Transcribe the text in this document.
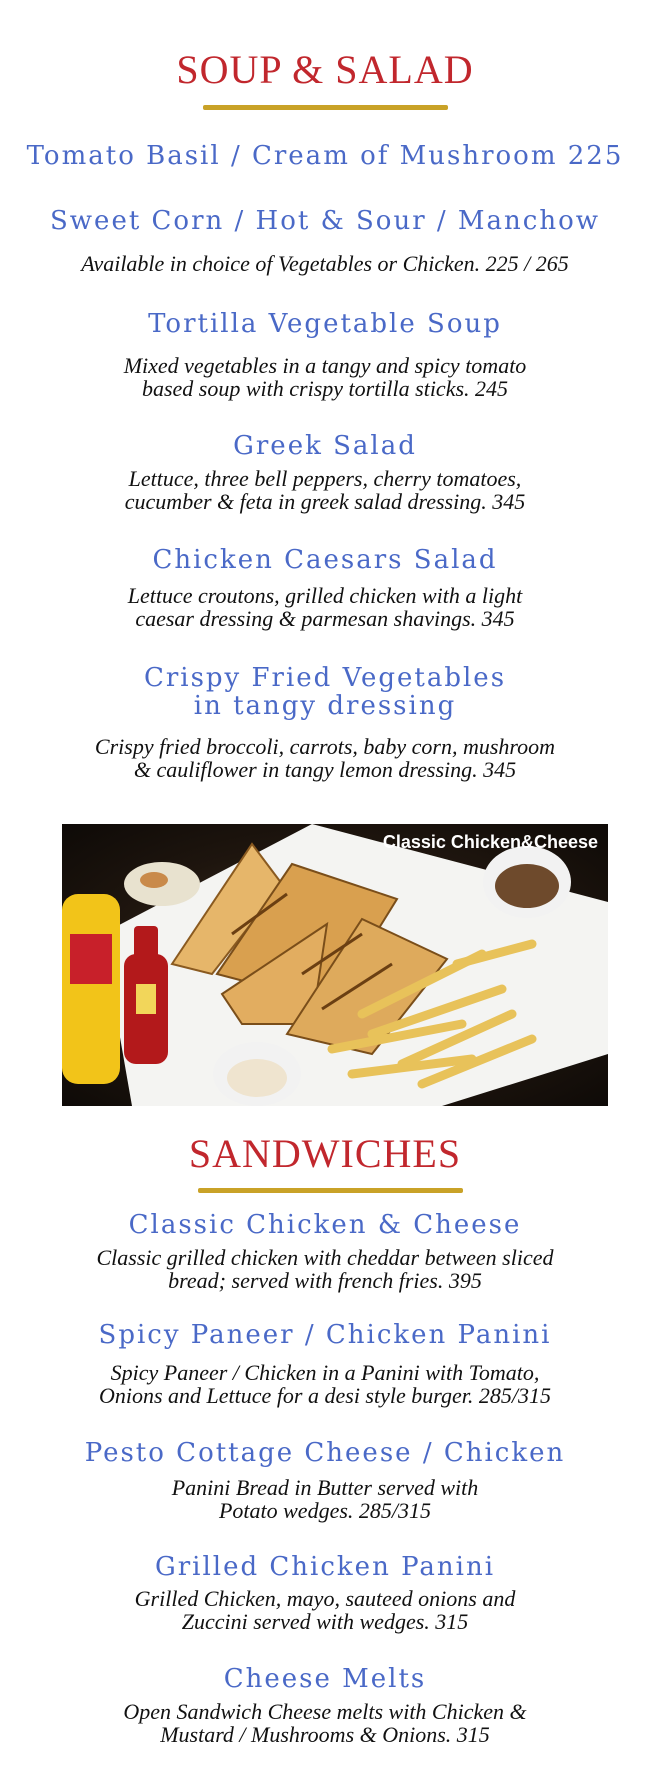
SOUP & SALAD
Tomato Basil / Cream of Mushroom 225
Sweet Corn / Hot & Sour / Manchow
Available in choice of Vegetables or Chicken. 225 / 265
Tortilla Vegetable Soup
Mixed vegetables in a tangy and spicy tomato
based soup with crispy tortilla sticks. 245
Greek Salad
Lettuce, three bell peppers, cherry tomatoes,
cucumber & feta in greek salad dressing. 345
Chicken Caesars Salad
Lettuce croutons, grilled chicken with a light
caesar dressing & parmesan shavings. 345
Crispy Fried Vegetables
in tangy dressing
Crispy fried broccoli, carrots, baby corn, mushroom
& cauliflower in tangy lemon dressing. 345
Classic Chicken&Cheese
SANDWICHES
Classic Chicken & Cheese
Classic grilled chicken with cheddar between sliced
bread; served with french fries. 395
Spicy Paneer / Chicken Panini
Spicy Paneer / Chicken in a Panini with Tomato,
Onions and Lettuce for a desi style burger. 285/315
Pesto Cottage Cheese / Chicken
Panini Bread in Butter served with
Potato wedges. 285/315
Grilled Chicken Panini
Grilled Chicken, mayo, sauteed onions and
Zuccini served with wedges. 315
Cheese Melts
Open Sandwich Cheese melts with Chicken &
Mustard / Mushrooms & Onions. 315
